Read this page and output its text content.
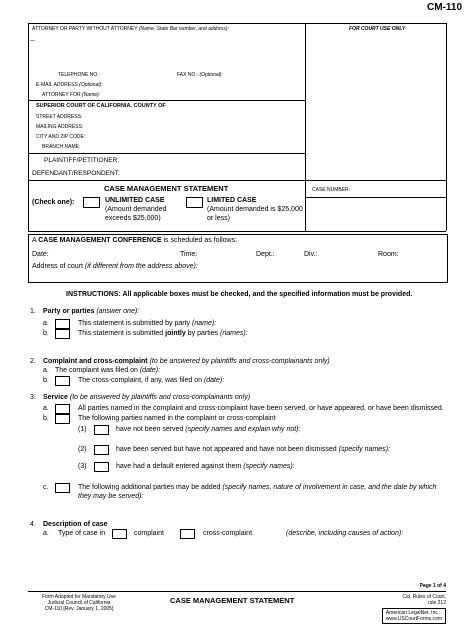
CM-110
ATTORNEY OR PARTY WITHOUT ATTORNEY (Name, State Bar number, and address):	FOR COURT USE ONLY
—
TELEPHONE NO.:	FAX NO.: (Optional):
E-MAIL ADDRESS (Optional):
ATTORNEY FOR (Name):
SUPERIOR COURT OF CALIFORNIA, COUNTY OF
STREET ADDRESS:
MAILING ADDRESS:
CITY AND ZIP CODE:
BRANCH NAME:
PLAINTIFF/PETITIONER:
DEFENDANT/RESPONDENT:
CASE MANAGEMENT STATEMENT	CASE NUMBER:
(Check one):	UNLIMITED CASE
(Amount demanded
exceeds $25,000)
LIMITED CASE
(Amount demanded is $25,000
or less)
A CASE MANAGEMENT CONFERENCE is scheduled as follows:
Date:	Time:	Dept.:	Div.:	Room:
Address of court (if different from the address above):
INSTRUCTIONS: All applicable boxes must be checked, and the specified information must be provided.
1. Party or parties (answer one):
a.	This statement is submitted by party (name):
b.	This statement is submitted jointly by parties (names):
2. Complaint and cross-complaint (to be answered by plaintiffs and cross-complainants only)
a. The complaint was filed on (date):
b.	The cross-complaint, if any, was filed on (date):
3. Service (to be answered by plaintiffs and cross-complainants only)
a.	All parties named in the complaint and cross-complaint have been served, or have appeared, or have been dismissed.
b.	The following parties named in the complaint or cross-complaint
(1)	have not been served (specify names and explain why not):
(2)	have been served but have not appeared and have not been dismissed (specify names):
(3)	have had a default entered against them (specify names):
c.	The following additional parties may be added (specify names, nature of involvement in case, and the date by which
they may be served):
4. Description of case
a. Type of case in	complaint	cross-complaint	(describe, including causes of action):
Page 1 of 4
Form Adopted for Mandatory Use
Judicial Council of California
CM-110 [Rev. January 1, 2005]
CASE MANAGEMENT STATEMENT	Cal. Rules of Court,
rule 212
American LegalNet, Inc.
www.USCourtForms.com
